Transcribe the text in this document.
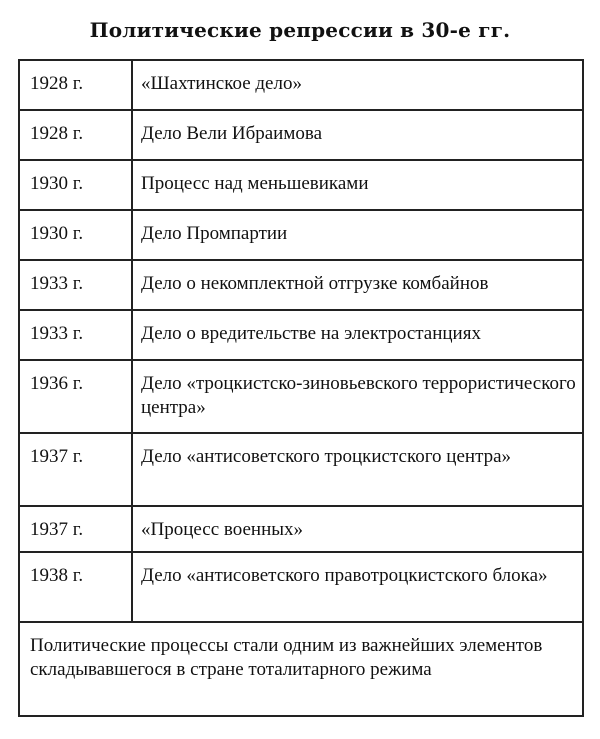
Политические репрессии в 30-е гг.
1928 г.	«Шахтинское дело»
1928 г.	Дело Вели Ибраимова
1930 г.	Процесс над меньшевиками
1930 г.	Дело Промпартии
1933 г.	Дело о некомплектной отгрузке комбайнов
1933 г.	Дело о вредительстве на электростанциях
1936 г.	Дело «троцкистско-зиновьевского террористического центра»
1937 г.	Дело «антисоветского троцкистского центра»
1937 г.	«Процесс военных»
1938 г.	Дело «антисоветского правотроцкистского блока»
Политические процессы стали одним из важнейших элементов складывавшегося в стране тоталитарного режима	
